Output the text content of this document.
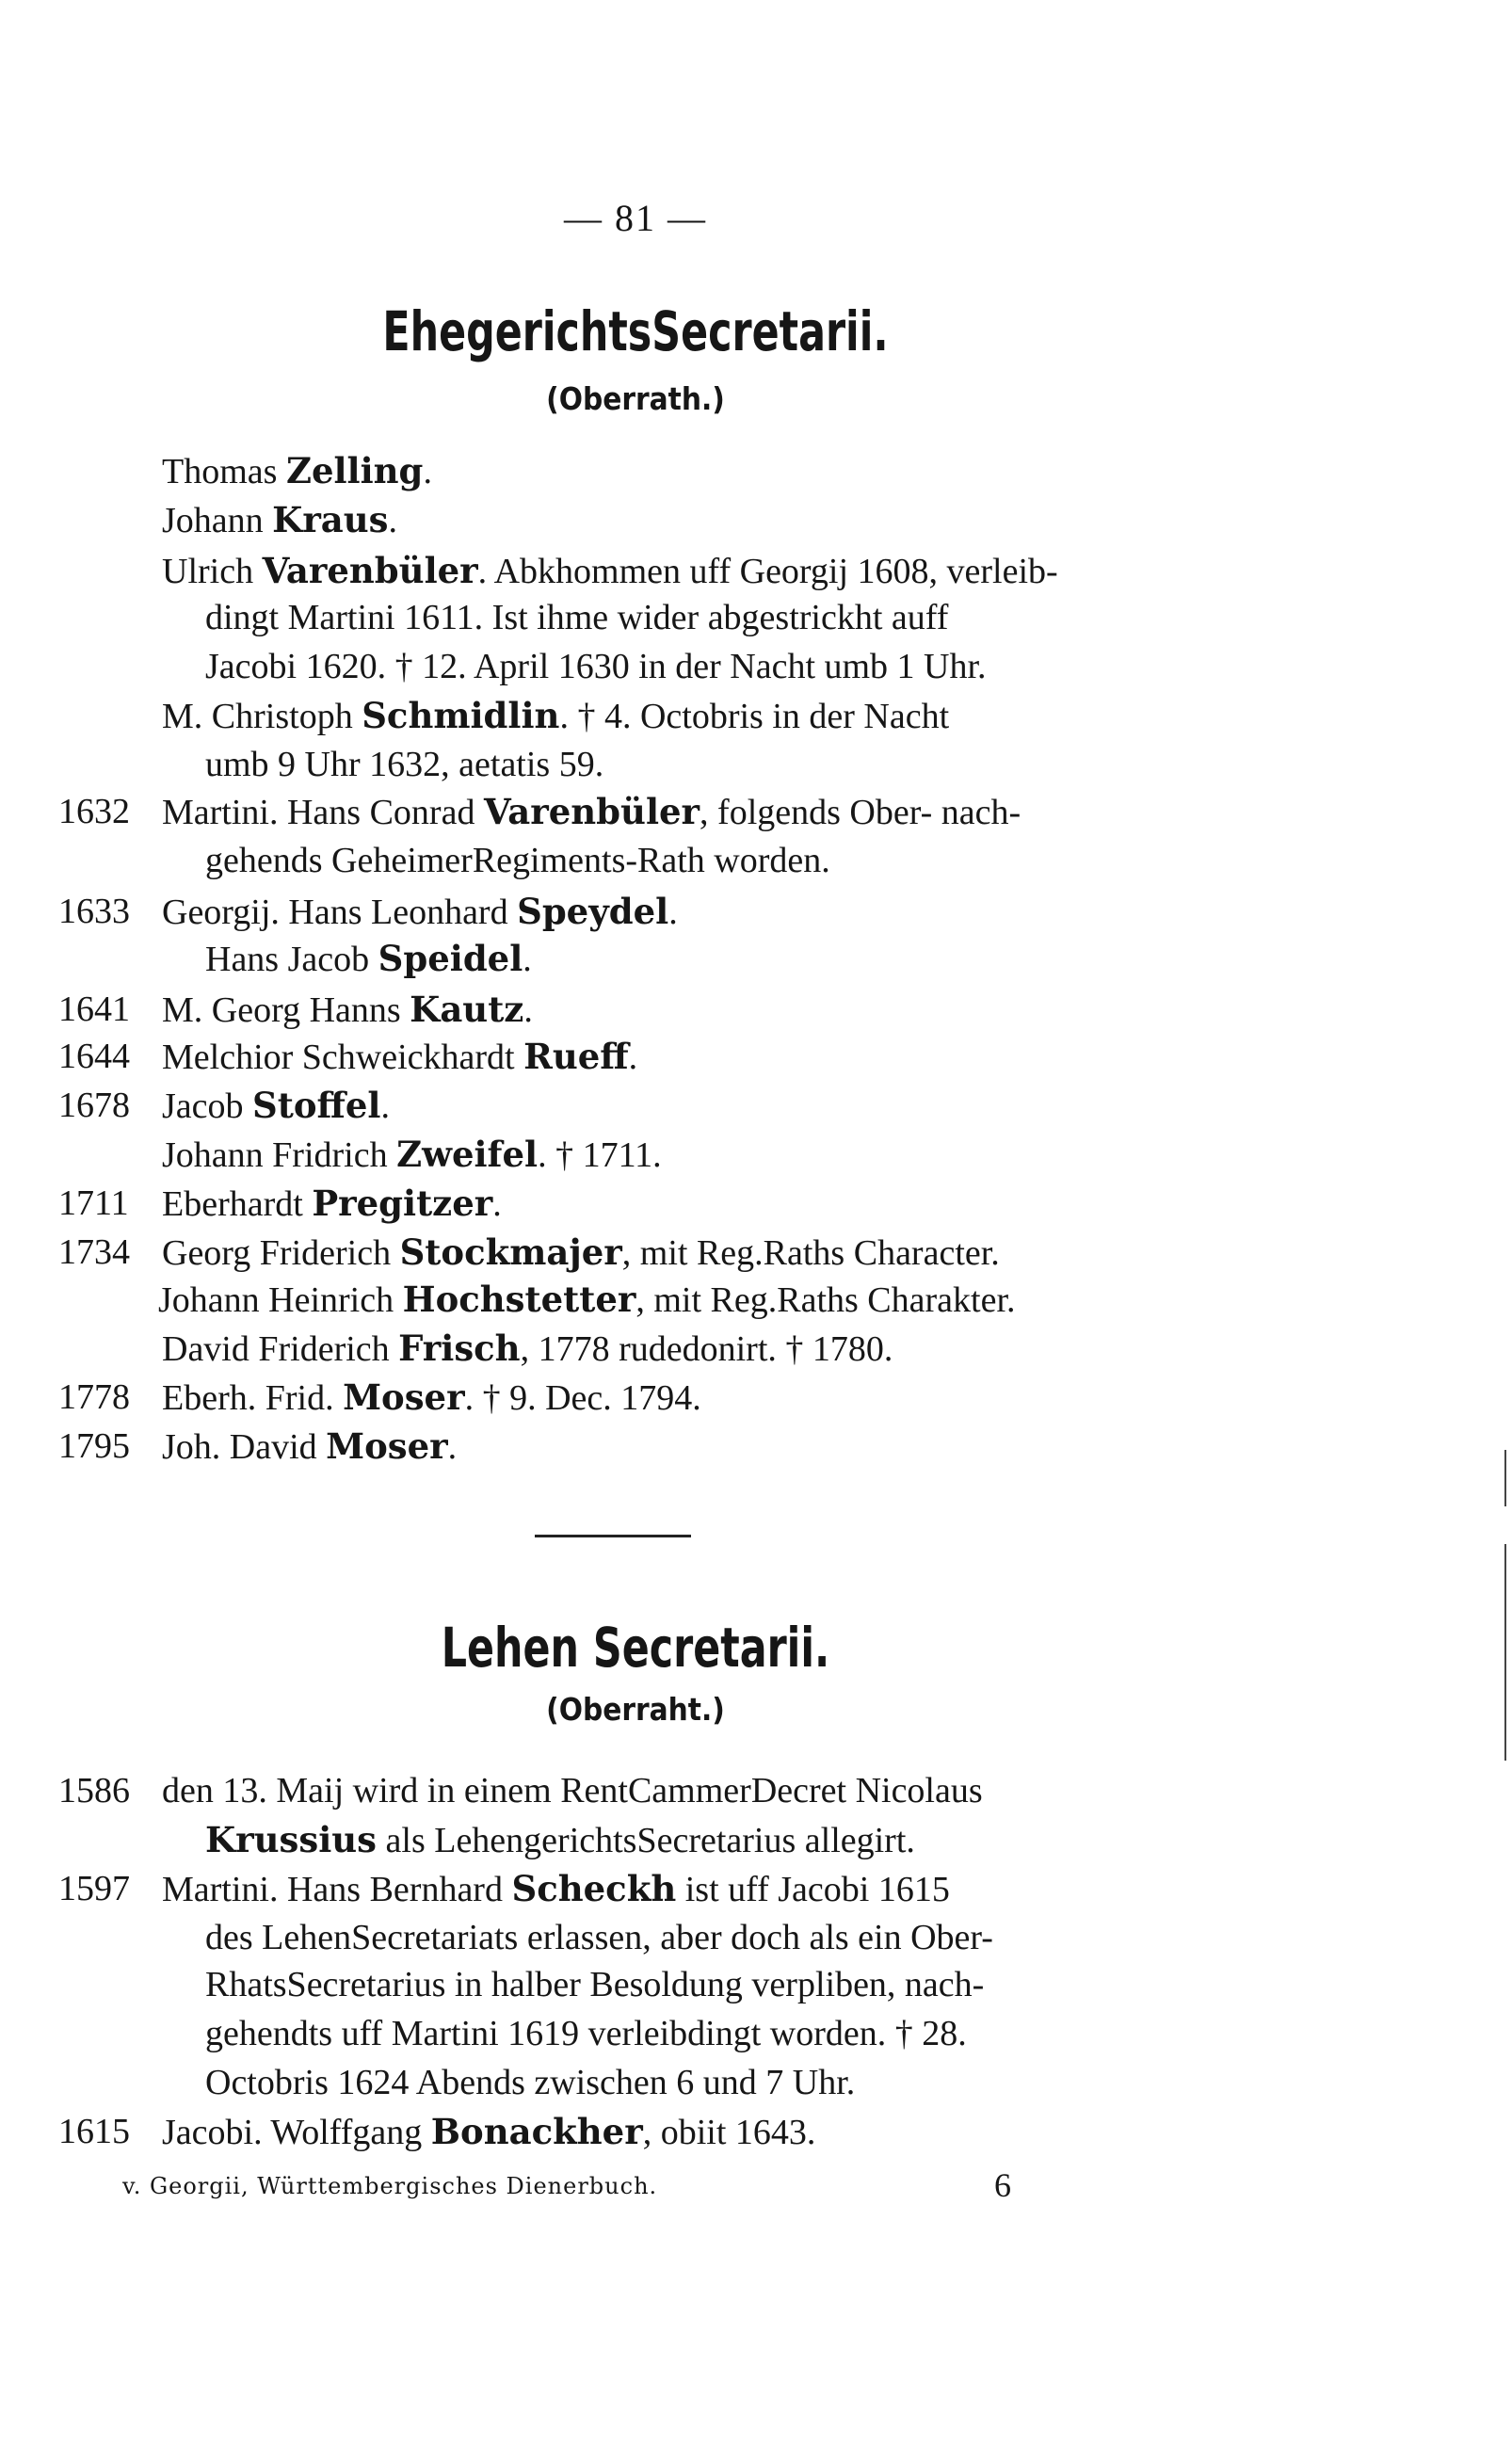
— 81 —
EhegerichtsSecretarii.
(Oberrath.)
Thomas Zelling.
Johann Kraus.
Ulrich Varenbüler. Abkhommen uff Georgij 1608, verleib-
dingt Martini 1611. Ist ihme wider abgestrickht auff
Jacobi 1620. † 12. April 1630 in der Nacht umb 1 Uhr.
M. Christoph Schmidlin. † 4. Octobris in der Nacht
umb 9 Uhr 1632, aetatis 59.
1632 Martini. Hans Conrad Varenbüler, folgends Ober- nach-
gehends GeheimerRegiments-Rath worden.
1633 Georgij. Hans Leonhard Speydel.
Hans Jacob Speidel.
1641 M. Georg Hanns Kautz.
1644 Melchior Schweickhardt Rueff.
1678 Jacob Stoffel.
Johann Fridrich Zweifel. † 1711.
1711 Eberhardt Pregitzer.
1734 Georg Friderich Stockmajer, mit Reg.Raths Character.
Johann Heinrich Hochstetter, mit Reg.Raths Charakter.
David Friderich Frisch, 1778 rudedonirt. † 1780.
1778 Eberh. Frid. Moser. † 9. Dec. 1794.
1795 Joh. David Moser.
Lehen Secretarii.
(Oberraht.)
1586 den 13. Maij wird in einem RentCammerDecret Nicolaus
Krussius als LehengerichtsSecretarius allegirt.
1597 Martini. Hans Bernhard Scheckh ist uff Jacobi 1615
des LehenSecretariats erlassen, aber doch als ein Ober-
RhatsSecretarius in halber Besoldung verpliben, nach-
gehendts uff Martini 1619 verleibdingt worden. † 28.
Octobris 1624 Abends zwischen 6 und 7 Uhr.
1615 Jacobi. Wolffgang Bonackher, obiit 1643.
v. Georgii, Württembergisches Dienerbuch.	6
